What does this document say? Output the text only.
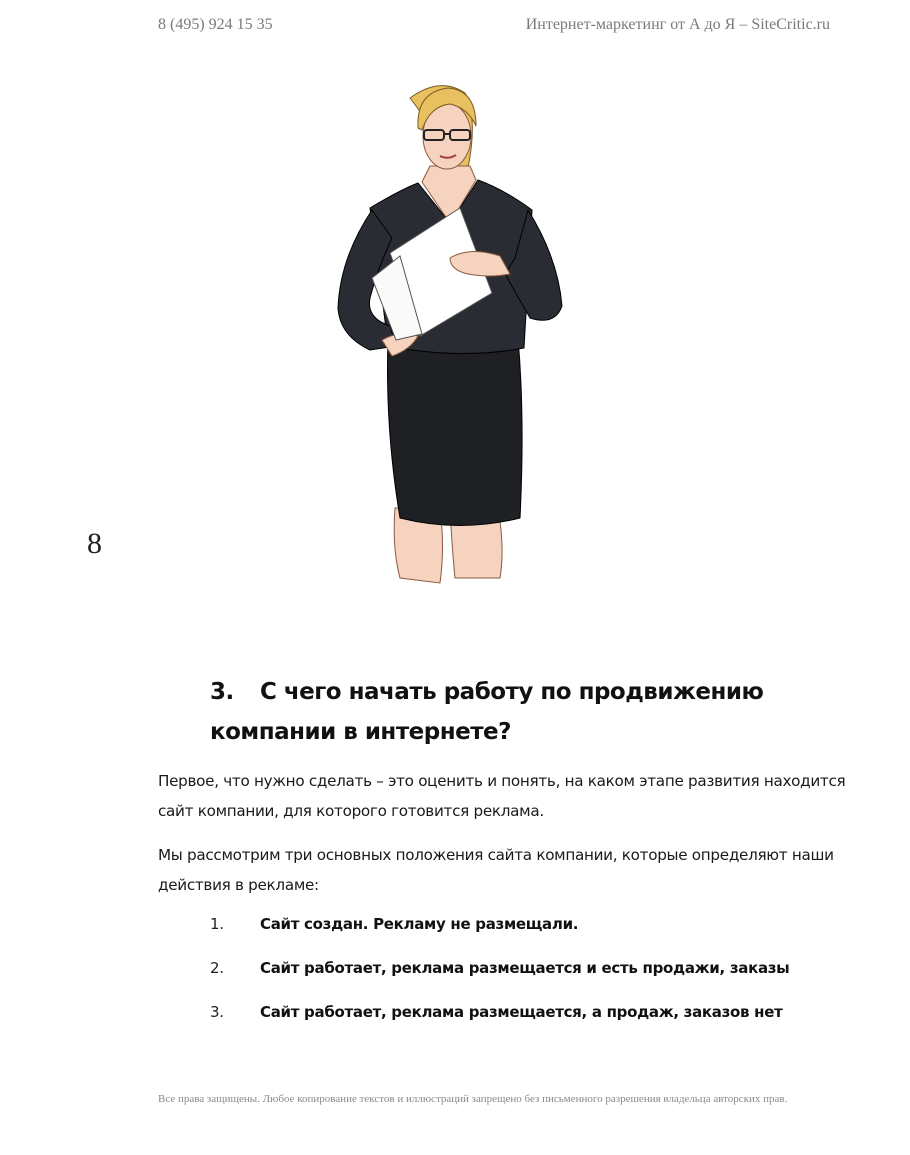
8 (495) 924 15 35	Интернет-маркетинг от А до Я – SiteCritic.ru
8
3. С чего начать работу по продвижению
компании в интернете?
Первое, что нужно сделать – это оценить и понять, на каком этапе развития находится сайт компании, для которого готовится реклама.
Мы рассмотрим три основных положения сайта компании, которые определяют наши действия в рекламе:
1.	Сайт создан. Рекламу не размещали.
2.	Сайт работает, реклама размещается и есть продажи, заказы
3.	Сайт работает, реклама размещается, а продаж, заказов нет
Все права защищены. Любое копирование текстов и иллюстраций запрещено без письменного разрешения владельца авторских прав.
